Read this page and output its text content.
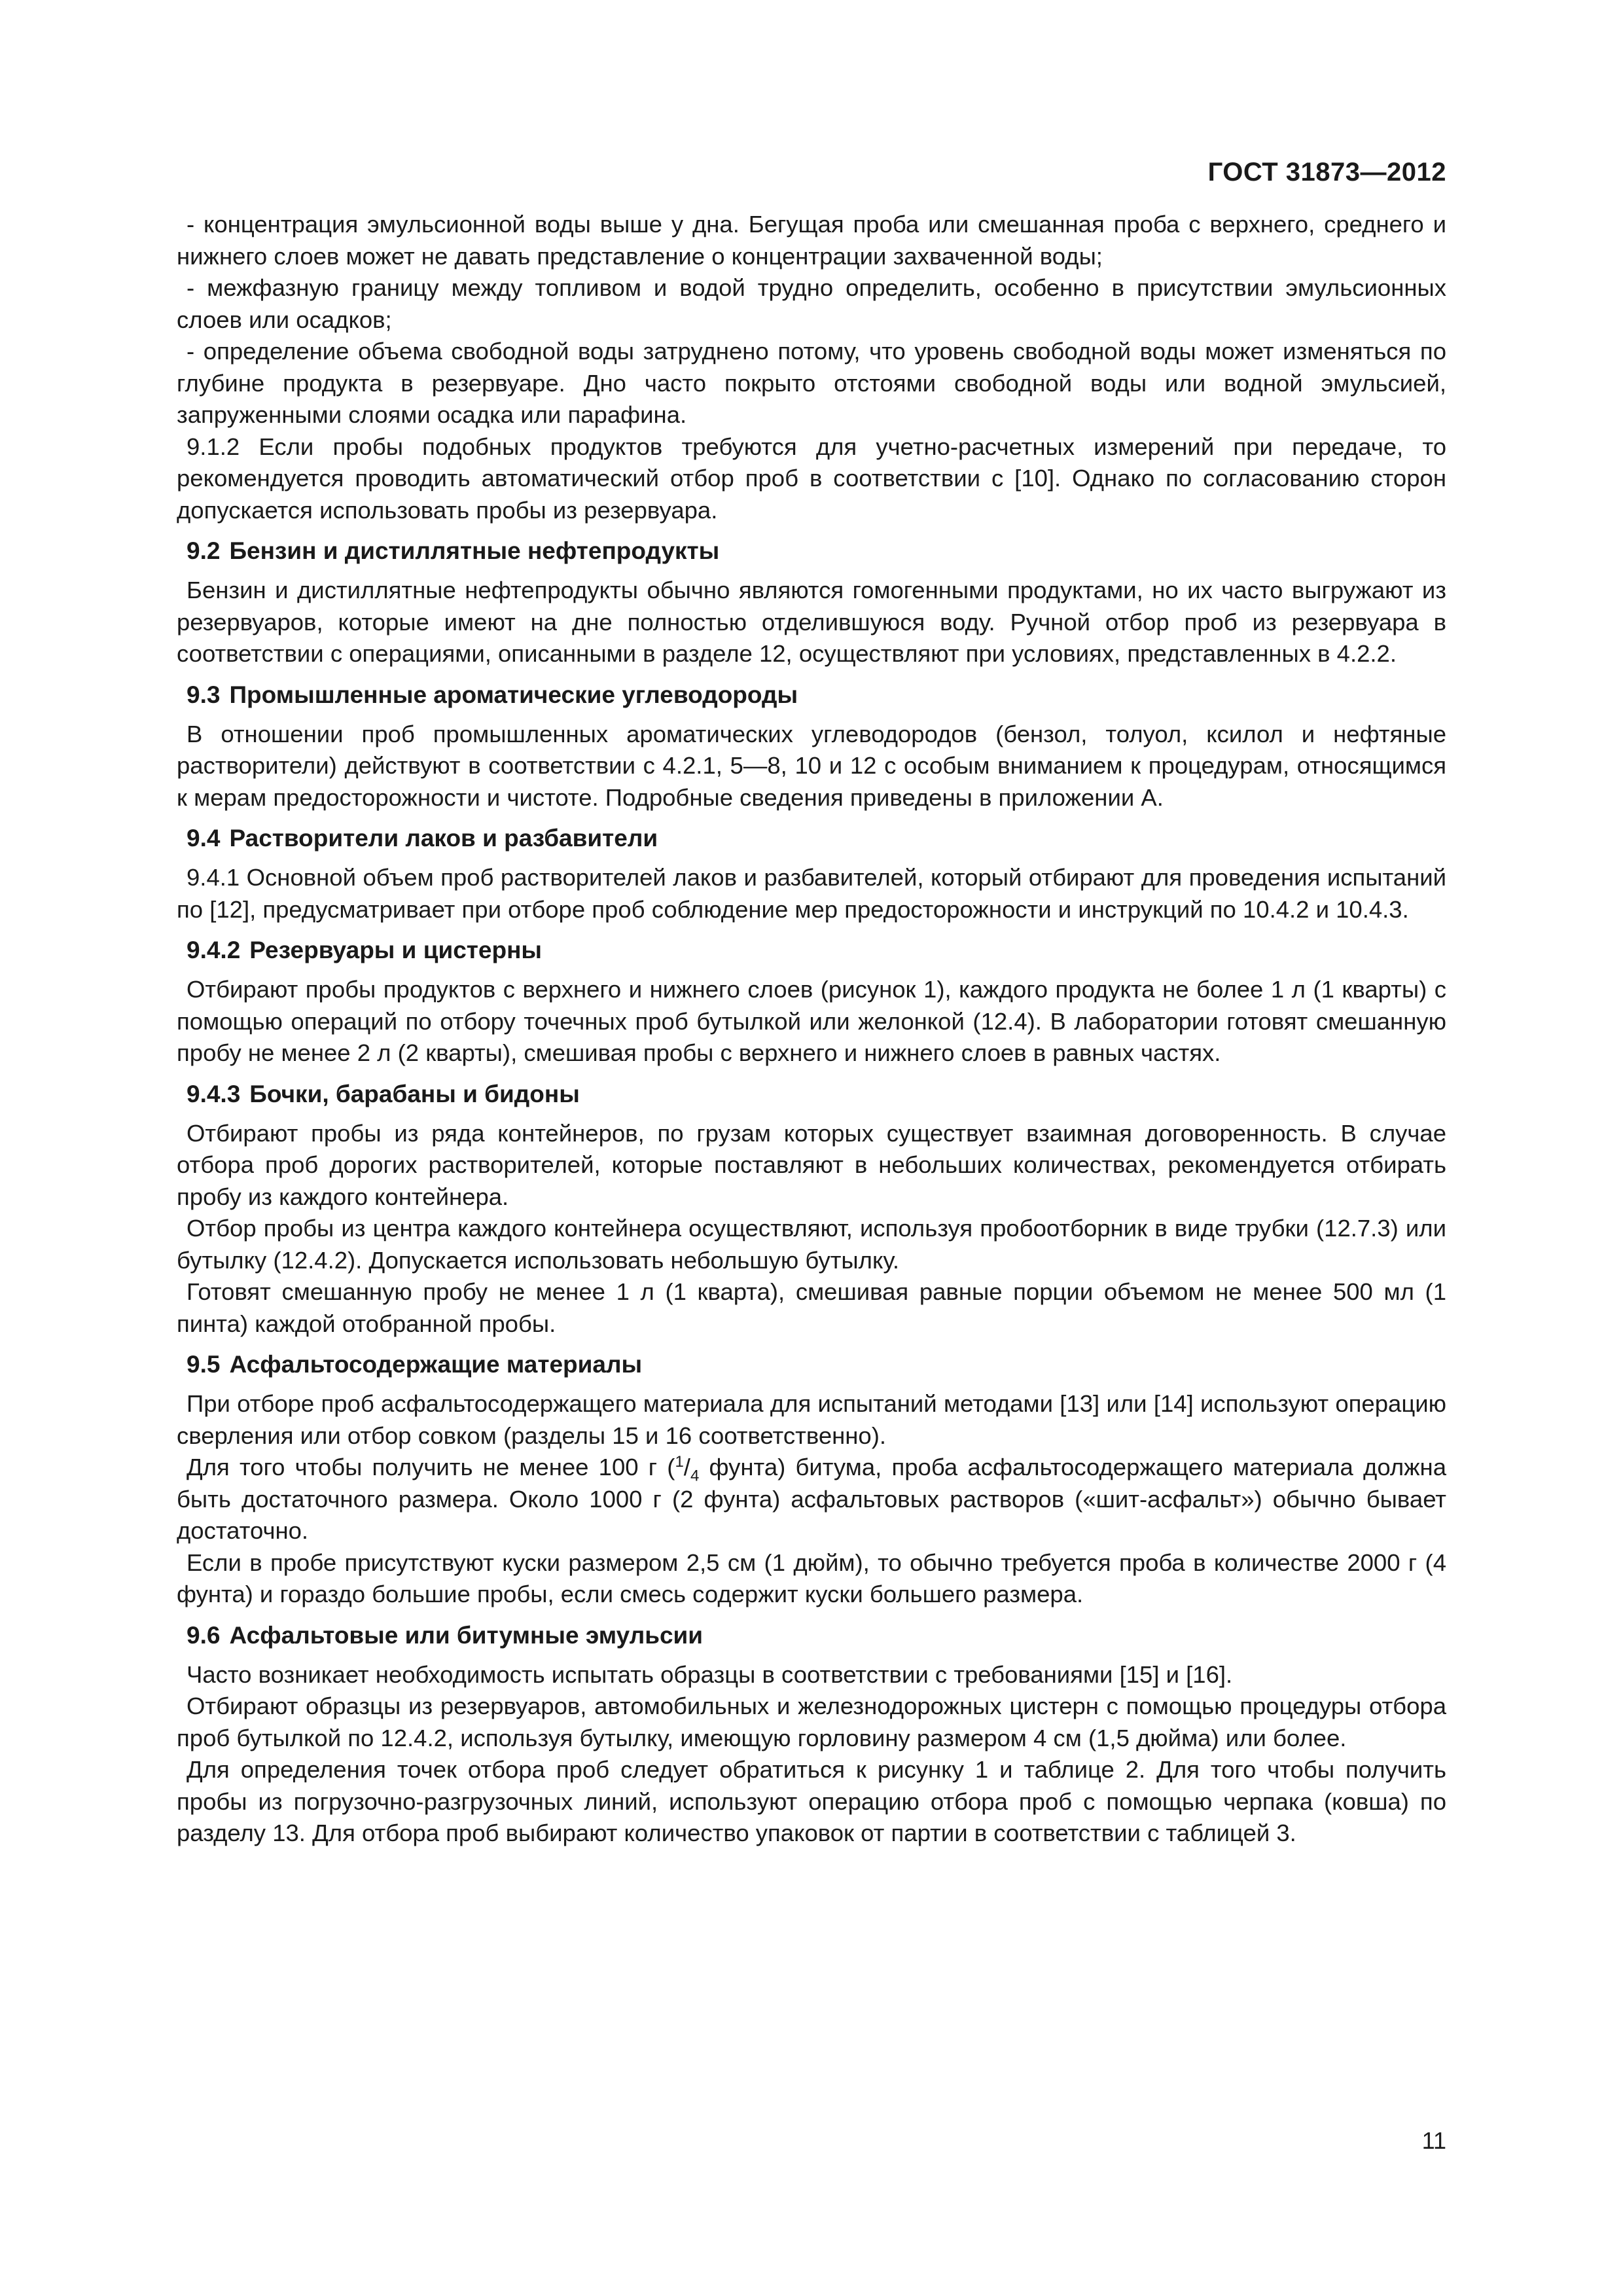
ГОСТ 31873—2012

- концентрация эмульсионной воды выше у дна. Бегущая проба или смешанная проба с верхнего, среднего и нижнего слоев может не давать представление о концентрации захваченной воды;

- межфазную границу между топливом и водой трудно определить, особенно в присутствии эмульсионных слоев или осадков;

- определение объема свободной воды затруднено потому, что уровень свободной воды может изменяться по глубине продукта в резервуаре. Дно часто покрыто отстоями свободной воды или водной эмульсией, запруженными слоями осадка или парафина.

9.1.2 Если пробы подобных продуктов требуются для учетно-расчетных измерений при передаче, то рекомендуется проводить автоматический отбор проб в соответствии с [10]. Однако по согласованию сторон допускается использовать пробы из резервуара.

9.2 Бензин и дистиллятные нефтепродукты

Бензин и дистиллятные нефтепродукты обычно являются гомогенными продуктами, но их часто выгружают из резервуаров, которые имеют на дне полностью отделившуюся воду. Ручной отбор проб из резервуара в соответствии с операциями, описанными в разделе 12, осуществляют при условиях, представленных в 4.2.2.

9.3 Промышленные ароматические углеводороды

В отношении проб промышленных ароматических углеводородов (бензол, толуол, ксилол и нефтяные растворители) действуют в соответствии с 4.2.1, 5—8, 10 и 12 с особым вниманием к процедурам, относящимся к мерам предосторожности и чистоте. Подробные сведения приведены в приложении А.

9.4 Растворители лаков и разбавители

9.4.1 Основной объем проб растворителей лаков и разбавителей, который отбирают для проведения испытаний по [12], предусматривает при отборе проб соблюдение мер предосторожности и инструкций по 10.4.2 и 10.4.3.

9.4.2 Резервуары и цистерны

Отбирают пробы продуктов с верхнего и нижнего слоев (рисунок 1), каждого продукта не более 1 л (1 кварты) с помощью операций по отбору точечных проб бутылкой или желонкой (12.4). В лаборатории готовят смешанную пробу не менее 2 л (2 кварты), смешивая пробы с верхнего и нижнего слоев в равных частях.

9.4.3 Бочки, барабаны и бидоны

Отбирают пробы из ряда контейнеров, по грузам которых существует взаимная договоренность. В случае отбора проб дорогих растворителей, которые поставляют в небольших количествах, рекомендуется отбирать пробу из каждого контейнера.

Отбор пробы из центра каждого контейнера осуществляют, используя пробоотборник в виде трубки (12.7.3) или бутылку (12.4.2). Допускается использовать небольшую бутылку.

Готовят смешанную пробу не менее 1 л (1 кварта), смешивая равные порции объемом не менее 500 мл (1 пинта) каждой отобранной пробы.

9.5 Асфальтосодержащие материалы

При отборе проб асфальтосодержащего материала для испытаний методами [13] или [14] используют операцию сверления или отбор совком (разделы 15 и 16 соответственно).

Для того чтобы получить не менее 100 г ($^1/_4$ фунта) битума, проба асфальтосодержащего материала должна быть достаточного размера. Около 1000 г (2 фунта) асфальтовых растворов («шит-асфальт») обычно бывает достаточно.

Если в пробе присутствуют куски размером 2,5 см (1 дюйм), то обычно требуется проба в количестве 2000 г (4 фунта) и гораздо большие пробы, если смесь содержит куски большего размера.

9.6 Асфальтовые или битумные эмульсии

Часто возникает необходимость испытать образцы в соответствии с требованиями [15] и [16].

Отбирают образцы из резервуаров, автомобильных и железнодорожных цистерн с помощью процедуры отбора проб бутылкой по 12.4.2, используя бутылку, имеющую горловину размером 4 см (1,5 дюйма) или более.

Для определения точек отбора проб следует обратиться к рисунку 1 и таблице 2. Для того чтобы получить пробы из погрузочно-разгрузочных линий, используют операцию отбора проб с помощью черпака (ковша) по разделу 13. Для отбора проб выбирают количество упаковок от партии в соответствии с таблицей 3.

11
